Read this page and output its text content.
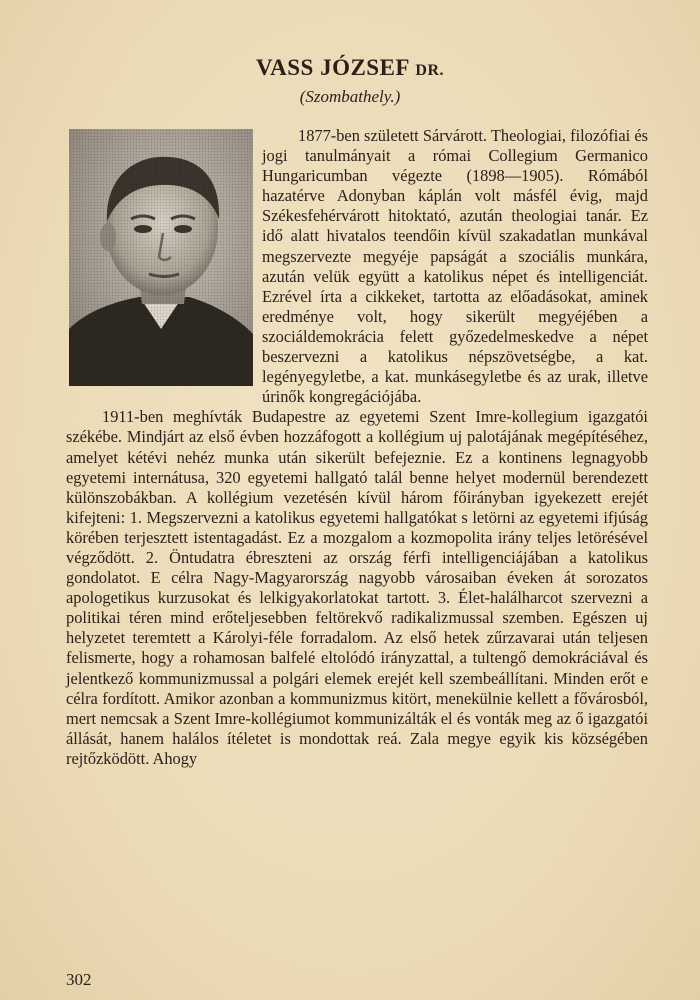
VASS JÓZSEF DR.
(Szombathely.)

1877-ben született Sárvárott. Theologiai, filozófiai és jogi tanulmányait a római Collegium Germanico Hungaricumban végezte (1898—1905). Rómából hazatérve Adonyban káplán volt másfél évig, majd Székesfehérvárott hitoktató, azután theologiai tanár. Ez idő alatt hivatalos teendőin kívül szakadatlan munkával megszervezte megyéje papságát a szociális munkára, azután velük együtt a katolikus népet és intelligenciát. Ezrével írta a cikkeket, tartotta az előadásokat, aminek eredménye volt, hogy sikerült megyéjében a szociáldemokrácia felett győzedelmeskedve a népet beszervezni a katolikus népszövetségbe, a kat. legényegyletbe, a kat. munkásegyletbe és az urak, illetve úrinők kongregációjába.

1911-ben meghívták Budapestre az egyetemi Szent Imre-kollegium igazgatói székébe. Mindjárt az első évben hozzáfogott a kollégium uj palotájának megépítéséhez, amelyet kétévi nehéz munka után sikerült befejeznie. Ez a kontinens legnagyobb egyetemi internátusa, 320 egyetemi hallgató talál benne helyet modernül berendezett különszobákban. A kollégium vezetésén kívül három főirányban igyekezett erejét kifejteni: 1. Megszervezni a katolikus egyetemi hallgatókat s letörni az egyetemi ifjúság körében terjesztett istentagadást. Ez a mozgalom a kozmopolita irány teljes letörésével végződött. 2. Öntudatra ébreszteni az ország férfi intelligenciájában a katolikus gondolatot. E célra Nagy-Magyarország nagyobb városaiban éveken át sorozatos apologetikus kurzusokat és lelkigyakorlatokat tartott. 3. Élet-halálharcot szervezni a politikai téren mind erőteljesebben feltörekvő radikalizmussal szemben. Egészen uj helyzetet teremtett a Károlyi-féle forradalom. Az első hetek zűrzavarai után teljesen felismerte, hogy a rohamosan balfelé eltolódó irányzattal, a tultengő demokráciával és jelentkező kommunizmussal a polgári elemek erejét kell szembeállítani. Minden erőt e célra fordított. Amikor azonban a kommunizmus kitört, menekülnie kellett a fővárosból, mert nemcsak a Szent Imre-kollégiumot kommunizálták el és vonták meg az ő igazgatói állását, hanem halálos ítéletet is mondottak reá. Zala megye egyik kis községében rejtőzködött. Ahogy

302
